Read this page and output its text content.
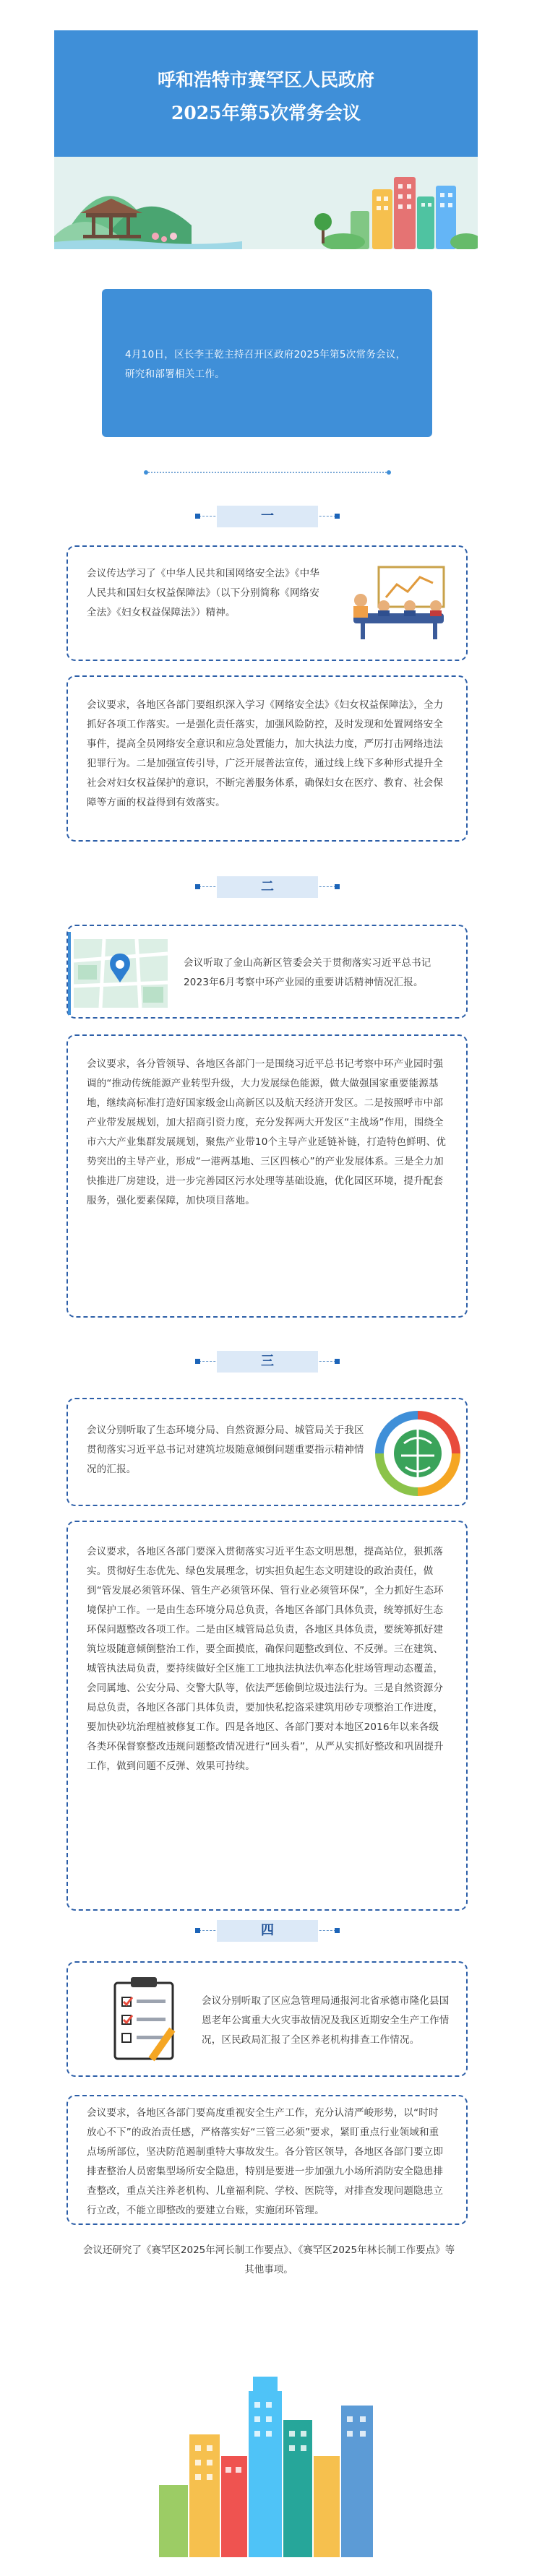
呼和浩特市赛罕区人民政府
2025年第5次常务会议

4月10日，区长李王乾主持召开区政府2025年第5次常务会议，研究和部署相关工作。

一

会议传达学习了《中华人民共和国网络安全法》《中华人民共和国妇女权益保障法》（以下分别简称《网络安全法》《妇女权益保障法》）精神。

会议要求，各地区各部门要组织深入学习《网络安全法》《妇女权益保障法》，全力抓好各项工作落实。一是强化责任落实，加强风险防控，及时发现和处置网络安全事件，提高全员网络安全意识和应急处置能力，加大执法力度，严厉打击网络违法犯罪行为。二是加强宣传引导，广泛开展普法宣传，通过线上线下多种形式提升全社会对妇女权益保护的意识，不断完善服务体系，确保妇女在医疗、教育、社会保障等方面的权益得到有效落实。

二

会议听取了金山高新区管委会关于贯彻落实习近平总书记2023年6月考察中环产业园的重要讲话精神情况汇报。

会议要求，各分管领导、各地区各部门一是围绕习近平总书记考察中环产业园时强调的“推动传统能源产业转型升级，大力发展绿色能源，做大做强国家重要能源基地，继续高标准打造好国家级金山高新区以及航天经济开发区。二是按照呼市中部产业带发展规划，加大招商引资力度，充分发挥两大开发区“主战场”作用，围绕全市六大产业集群发展规划，聚焦产业带10个主导产业延链补链，打造特色鲜明、优势突出的主导产业，形成“一港两基地、三区四核心”的产业发展体系。三是全力加快推进厂房建设，进一步完善园区污水处理等基础设施，优化园区环境，提升配套服务，强化要素保障，加快项目落地。

三

会议分别听取了生态环境分局、自然资源分局、城管局关于我区贯彻落实习近平总书记对建筑垃圾随意倾倒问题重要指示精神情况的汇报。

会议要求，各地区各部门要深入贯彻落实习近平生态文明思想，提高站位，狠抓落实。贯彻好生态优先、绿色发展理念，切实担负起生态文明建设的政治责任，做到“管发展必须管环保、管生产必须管环保、管行业必须管环保”，全力抓好生态环境保护工作。一是由生态环境分局总负责，各地区各部门具体负责，统筹抓好生态环保问题整改各项工作。二是由区城管局总负责，各地区具体负责，要统筹抓好建筑垃圾随意倾倒整治工作，要全面摸底，确保问题整改到位、不反弹。三在建筑、城管执法局负责，要持续做好全区施工工地执法执法仇率态化驻场管理动态覆盖，会同属地、公安分局、交警大队等，依法严惩偷倒垃圾违法行为。三是自然资源分局总负责，各地区各部门具体负责，要加快私挖盗采建筑用砂专项整治工作进度，要加快砂坑治理植被修复工作。四是各地区、各部门要对本地区2016年以来各级各类环保督察整改违规问题整改情况进行“回头看”，从严从实抓好整改和巩固提升工作，做到问题不反弹、效果可持续。

四

会议分别听取了区应急管理局通报河北省承德市隆化县国恩老年公寓重大火灾事故情况及我区近期安全生产工作情况，区民政局汇报了全区养老机构排查工作情况。

会议要求，各地区各部门要高度重视安全生产工作，充分认清严峻形势，以“时时放心不下”的政治责任感，严格落实好“三管三必须”要求，紧盯重点行业领域和重点场所部位，坚决防范遏制重特大事故发生。各分管区领导，各地区各部门要立即排查整治人员密集型场所安全隐患，特别是要进一步加强九小场所消防安全隐患排查整改，重点关注养老机构、儿童福利院、学校、医院等，对排查发现问题隐患立行立改，不能立即整改的要建立台账，实施闭环管理。

会议还研究了《赛罕区2025年河长制工作要点》、《赛罕区2025年林长制工作要点》等其他事项。
